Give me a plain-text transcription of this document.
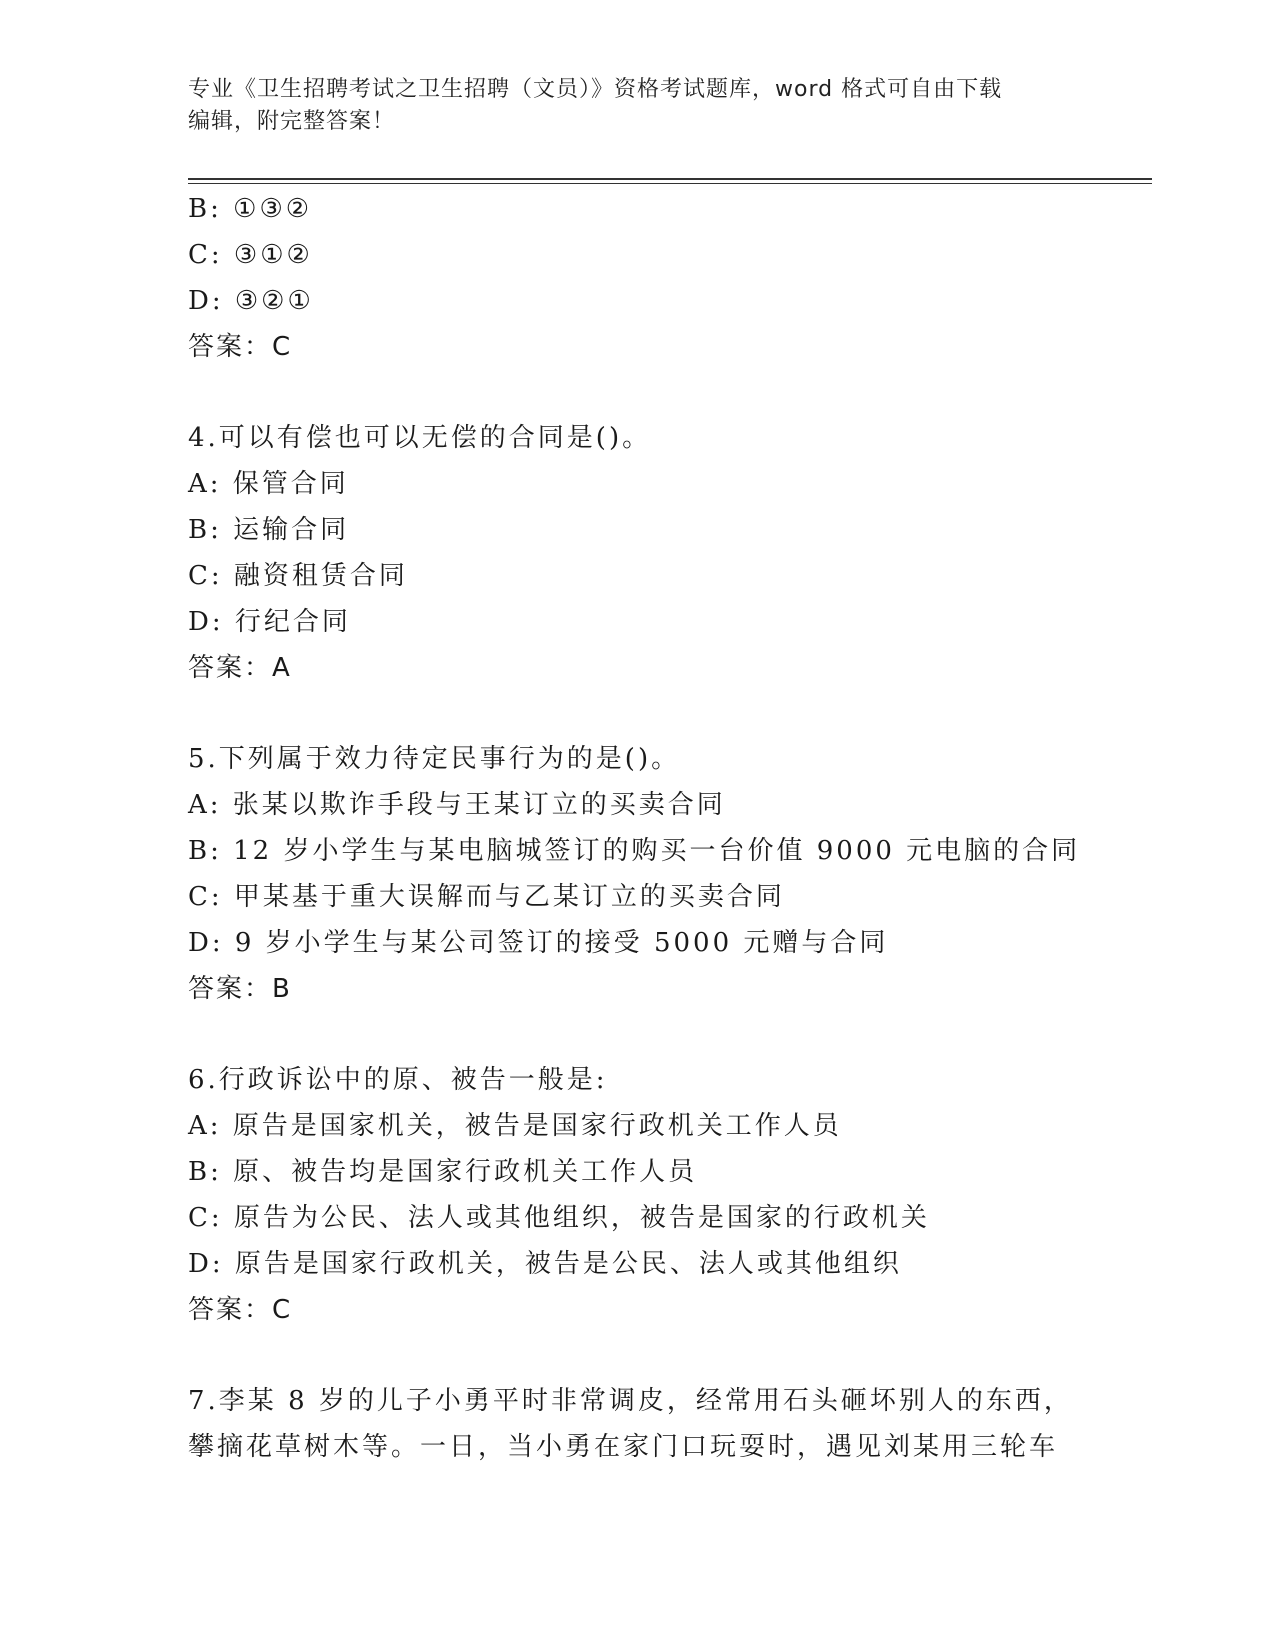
专业《卫生招聘考试之卫生招聘（文员）》资格考试题库，word 格式可自由下载
编辑，附完整答案！
B: ①③②
C: ③①②
D: ③②①
答案：C
4.可以有偿也可以无偿的合同是()。
A: 保管合同
B: 运输合同
C: 融资租赁合同
D: 行纪合同
答案：A
5.下列属于效力待定民事行为的是()。
A: 张某以欺诈手段与王某订立的买卖合同
B: 12 岁小学生与某电脑城签订的购买一台价值 9000 元电脑的合同
C: 甲某基于重大误解而与乙某订立的买卖合同
D: 9 岁小学生与某公司签订的接受 5000 元赠与合同
答案：B
6.行政诉讼中的原、被告一般是:
A: 原告是国家机关，被告是国家行政机关工作人员
B: 原、被告均是国家行政机关工作人员
C: 原告为公民、法人或其他组织，被告是国家的行政机关
D: 原告是国家行政机关，被告是公民、法人或其他组织
答案：C
7.李某 8 岁的儿子小勇平时非常调皮，经常用石头砸坏别人的东西，
攀摘花草树木等。一日，当小勇在家门口玩耍时，遇见刘某用三轮车
